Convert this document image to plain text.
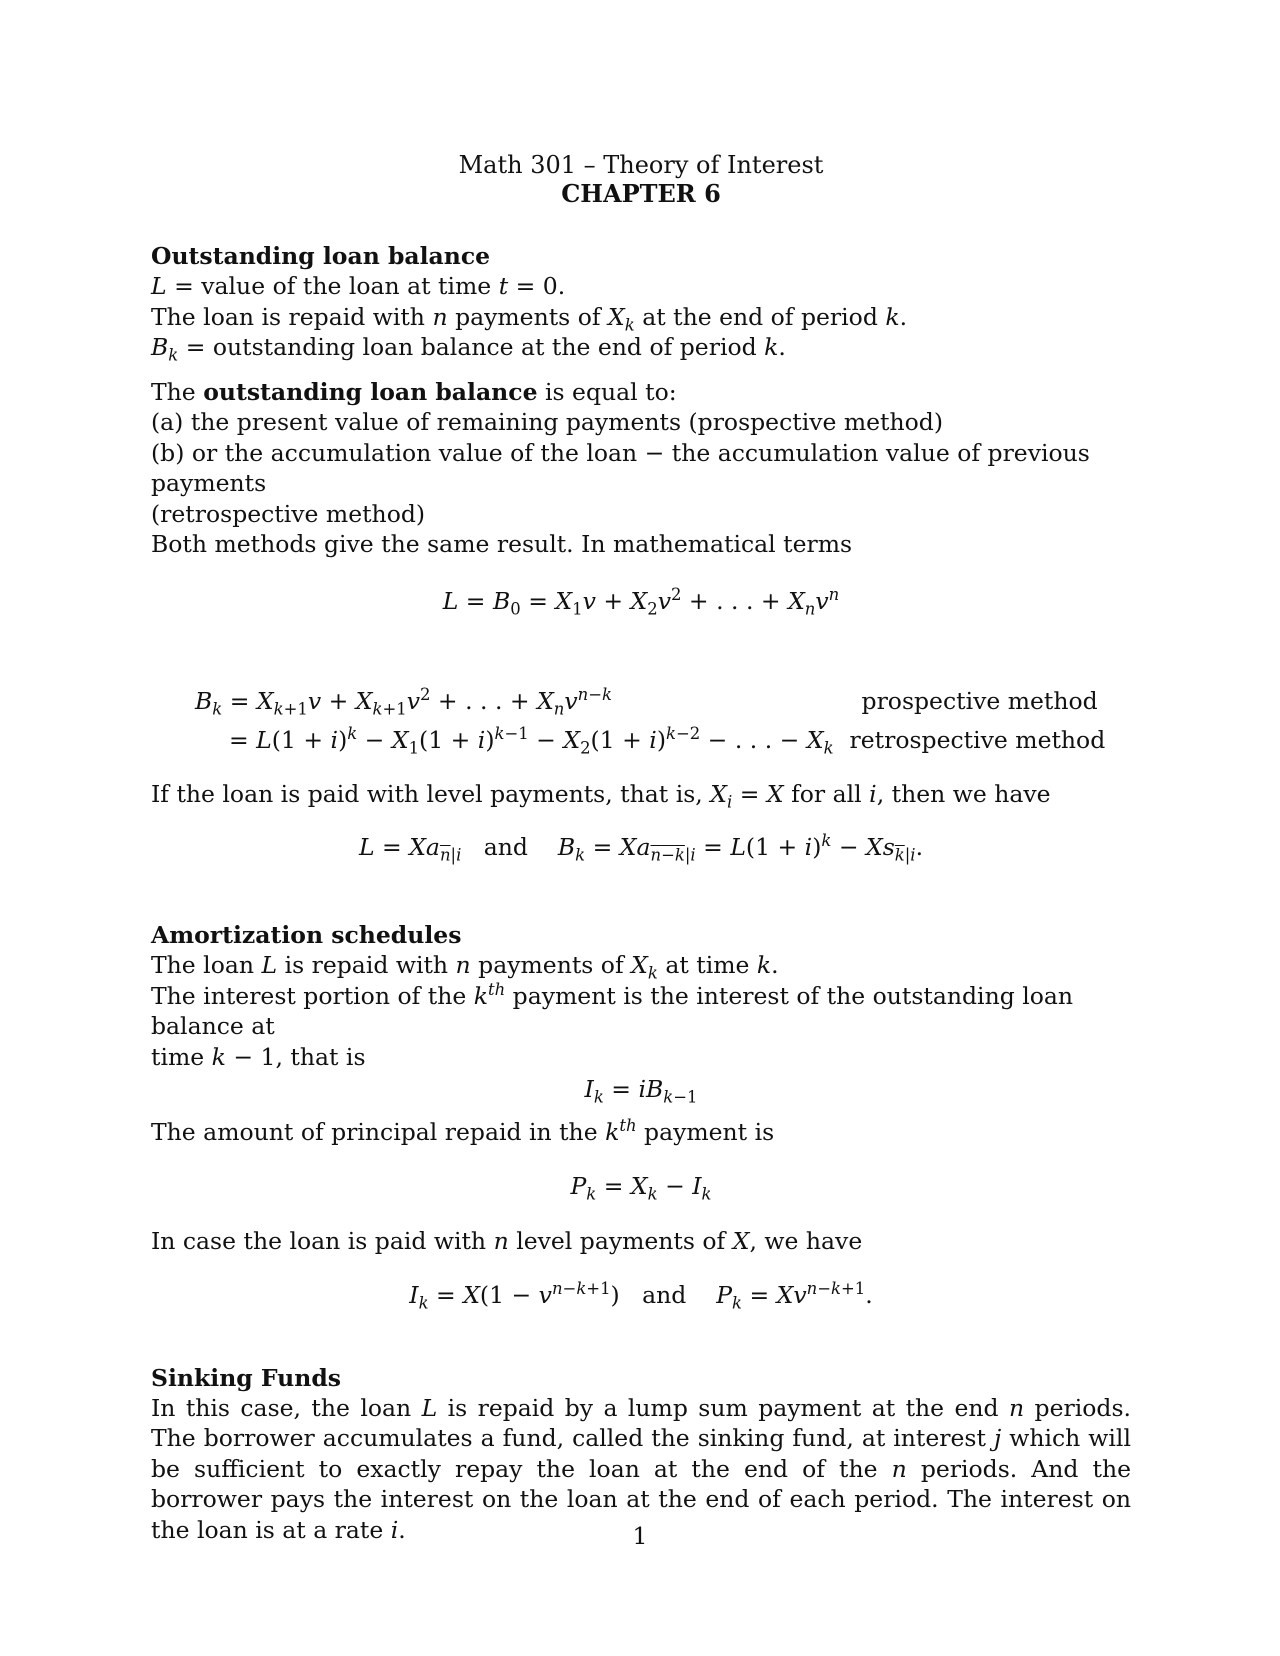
Math 301 – Theory of Interest
CHAPTER 6
Outstanding loan balance

L = value of the loan at time t = 0.

The loan is repaid with n payments of $X_k$ at the end of period k.

$B_k$ = outstanding loan balance at the end of period k.

The outstanding loan balance is equal to:

(a) the present value of remaining payments (prospective method)

(b) or the accumulation value of the loan − the accumulation value of previous payments

(retrospective method)

Both methods give the same result. In mathematical terms

$L = B_0 = X_1v + X_2v^2$ + . . . + $X_nv^n$
$B_k = X_{k+1}v + X_{k+1}v^2$ + . . . + $X_nv^{n-k}$	prospective method
= $L(1 + i)^k - X_1(1 + i)^{k-1} - X_2(1 + i)^{k-2}$ − . . . − $X_k$ retrospective method

If the loan is paid with level payments, that is, $X_i = X$ for all i, then we have

$L = Xa_{\overline{n}|i}$ and $B_k = Xa_{n-k|i} = L(1 + i)^k - Xs_{\overline{k}|i}$.
Amortization schedules

The loan L is repaid with n payments of $X_k$ at time k.

The interest portion of the $k^{th}$ payment is the interest of the outstanding loan balance at

time k − 1, that is

$I_k = iB_{k-1}$

The amount of principal repaid in the $k^{th}$ payment is

$P_k = X_k - I_k$

In case the loan is paid with n level payments of X, we have

$I_k = X(1 - v^{n-k+1})$   and $P_k = Xv^{n-k+1}$.
Sinking Funds

In this case, the loan L is repaid by a lump sum payment at the end n periods. The borrower accumulates a fund, called the sinking fund, at interest j which will be sufficient to exactly repay the loan at the end of the n periods. And the borrower pays the interest on the loan at the end of each period. The interest on the loan is at a rate i.	1
